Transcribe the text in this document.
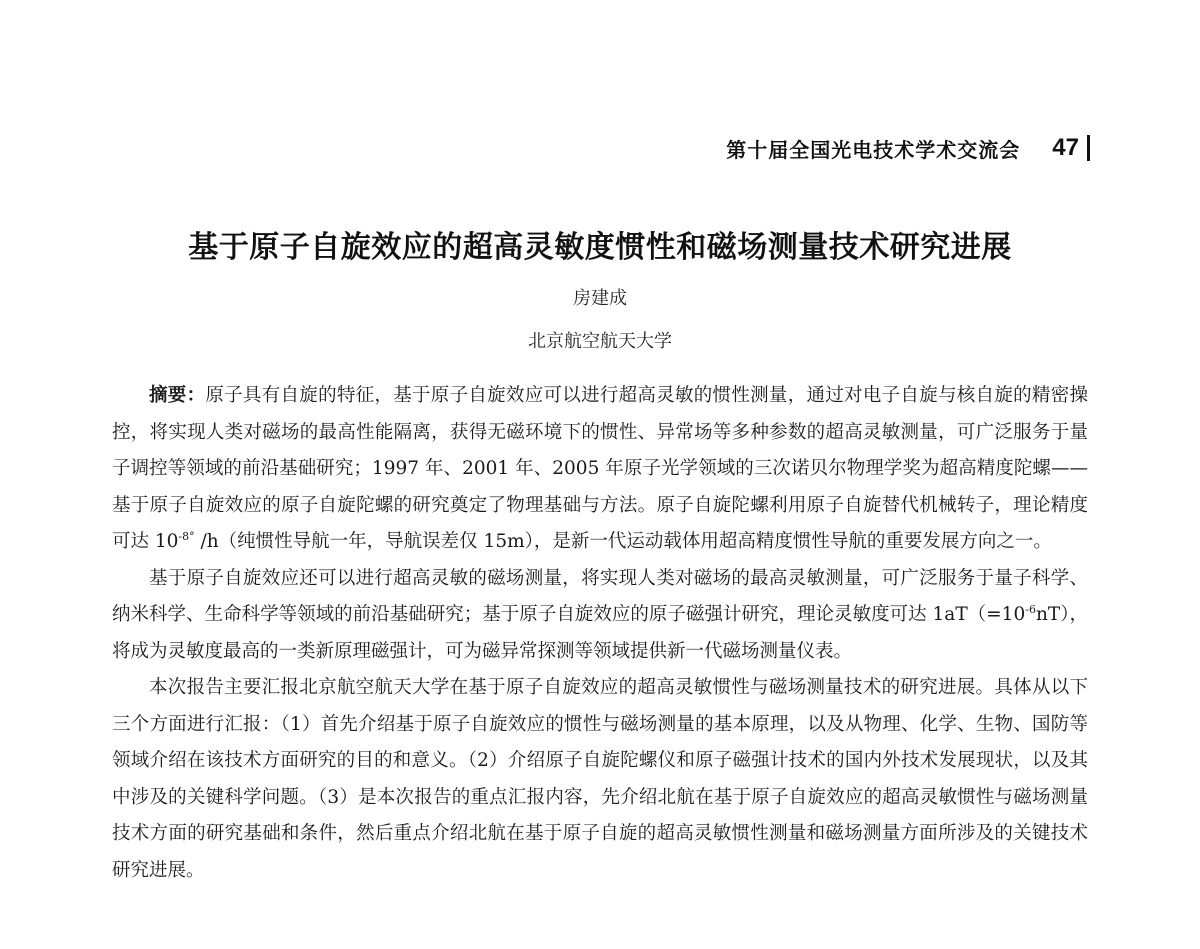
第十届全国光电技术学术交流会 47
基于原子自旋效应的超高灵敏度惯性和磁场测量技术研究进展
房建成
北京航空航天大学

摘要：原子具有自旋的特征，基于原子自旋效应可以进行超高灵敏的惯性测量，通过对电子自旋与核自旋的精密操控，将实现人类对磁场的最高性能隔离，获得无磁环境下的惯性、异常场等多种参数的超高灵敏测量，可广泛服务于量子调控等领域的前沿基础研究；1997 年、2001 年、2005 年原子光学领域的三次诺贝尔物理学奖为超高精度陀螺——基于原子自旋效应的原子自旋陀螺的研究奠定了物理基础与方法。原子自旋陀螺利用原子自旋替代机械转子，理论精度可达 $10^{-8^\circ}$ /h（纯惯性导航一年，导航误差仅 15m），是新一代运动载体用超高精度惯性导航的重要发展方向之一。

基于原子自旋效应还可以进行超高灵敏的磁场测量，将实现人类对磁场的最高灵敏测量，可广泛服务于量子科学、纳米科学、生命科学等领域的前沿基础研究；基于原子自旋效应的原子磁强计研究，理论灵敏度可达 $1aT(=10^{-6}nT)$，将成为灵敏度最高的一类新原理磁强计，可为磁异常探测等领域提供新一代磁场测量仪表。

本次报告主要汇报北京航空航天大学在基于原子自旋效应的超高灵敏惯性与磁场测量技术的研究进展。具体从以下三个方面进行汇报：（1）首先介绍基于原子自旋效应的惯性与磁场测量的基本原理，以及从物理、化学、生物、国防等领域介绍在该技术方面研究的目的和意义。（2）介绍原子自旋陀螺仪和原子磁强计技术的国内外技术发展现状，以及其中涉及的关键科学问题。（3）是本次报告的重点汇报内容，先介绍北航在基于原子自旋效应的超高灵敏惯性与磁场测量技术方面的研究基础和条件，然后重点介绍北航在基于原子自旋的超高灵敏惯性测量和磁场测量方面所涉及的关键技术研究进展。
